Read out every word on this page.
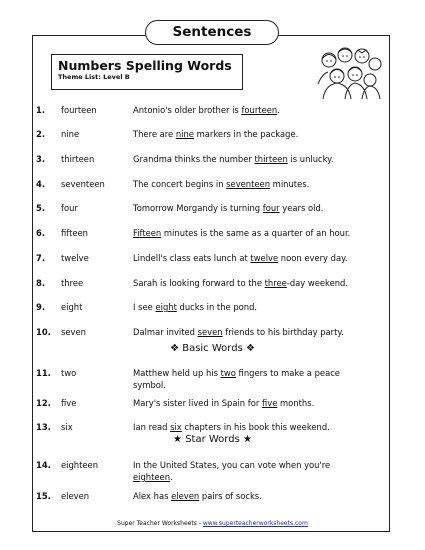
Sentences
Numbers Spelling Words
Theme List: Level B
1. fourteen	Antonio's older brother is fourteen.
2. nine	There are nine markers in the package.
3. thirteen	Grandma thinks the number thirteen is unlucky.
4. seventeen	The concert begins in seventeen minutes.
5. four	Tomorrow Morgandy is turning four years old.
6. fifteen	Fifteen minutes is the same as a quarter of an hour.
7. twelve	Lindell's class eats lunch at twelve noon every day.
8. three	Sarah is looking forward to the three-day weekend.
9. eight	I see eight ducks in the pond.
10. seven	Dalmar invited seven friends to his birthday party.
11. two	Matthew held up his two fingers to make a peace symbol.
12. five	Mary's sister lived in Spain for five months.
13. six	Ian read six chapters in his book this weekend.
14. eighteen	In the United States, you can vote when you're eighteen.
15. eleven	Alex has eleven pairs of socks.
❖ Basic Words ❖
★ Star Words ★
Super Teacher Worksheets - www.superteacherworksheets.com
